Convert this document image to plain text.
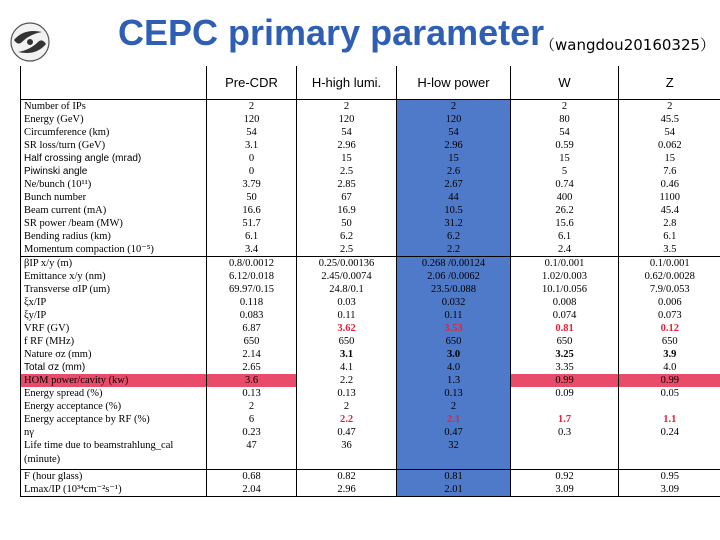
CEPC primary parameter
（wangdou20160325）
	Pre-CDR	H-high lumi.	H-low power	W	Z
Number of IPs	2	2	2	2	2
Energy (GeV)	120	120	120	80	45.5
Circumference (km)	54	54	54	54	54
SR loss/turn (GeV)	3.1	2.96	2.96	0.59	0.062
Half crossing angle (mrad)	0	15	15	15	15
Piwinski angle	0	2.5	2.6	5	7.6
Ne/bunch (10¹¹)	3.79	2.85	2.67	0.74	0.46
Bunch number	50	67	44	400	1100
Beam current (mA)	16.6	16.9	10.5	26.2	45.4
SR power /beam (MW)	51.7	50	31.2	15.6	2.8
Bending radius (km)	6.1	6.2	6.2	6.1	6.1
Momentum compaction (10⁻⁵)	3.4	2.5	2.2	2.4	3.5
βIP x/y (m)	0.8/0.0012	0.25/0.00136	0.268 /0.00124	0.1/0.001	0.1/0.001
Emittance x/y (nm)	6.12/0.018	2.45/0.0074	2.06 /0.0062	1.02/0.003	0.62/0.0028
Transverse σIP (um)	69.97/0.15	24.8/0.1	23.5/0.088	10.1/0.056	7.9/0.053
ξx/IP	0.118	0.03	0.032	0.008	0.006
ξy/IP	0.083	0.11	0.11	0.074	0.073
VRF (GV)	6.87	3.62	3.53	0.81	0.12
f RF (MHz)	650	650	650	650	650
Nature σz (mm)	2.14	3.1	3.0	3.25	3.9
Total σz (mm)	2.65	4.1	4.0	3.35	4.0
HOM power/cavity (kw)	3.6	2.2	1.3	0.99	0.99
Energy spread (%)	0.13	0.13	0.13	0.09	0.05
Energy acceptance (%)	2	2	2		
Energy acceptance by RF (%)	6	2.2	2.1	1.7	1.1
nγ	0.23	0.47	0.47	0.3	0.24
Life time due to beamstrahlung_cal (minute)	47	36	32		
F (hour glass)	0.68	0.82	0.81	0.92	0.95
Lmax/IP (10³⁴cm⁻²s⁻¹)	2.04	2.96	2.01	3.09	3.09
